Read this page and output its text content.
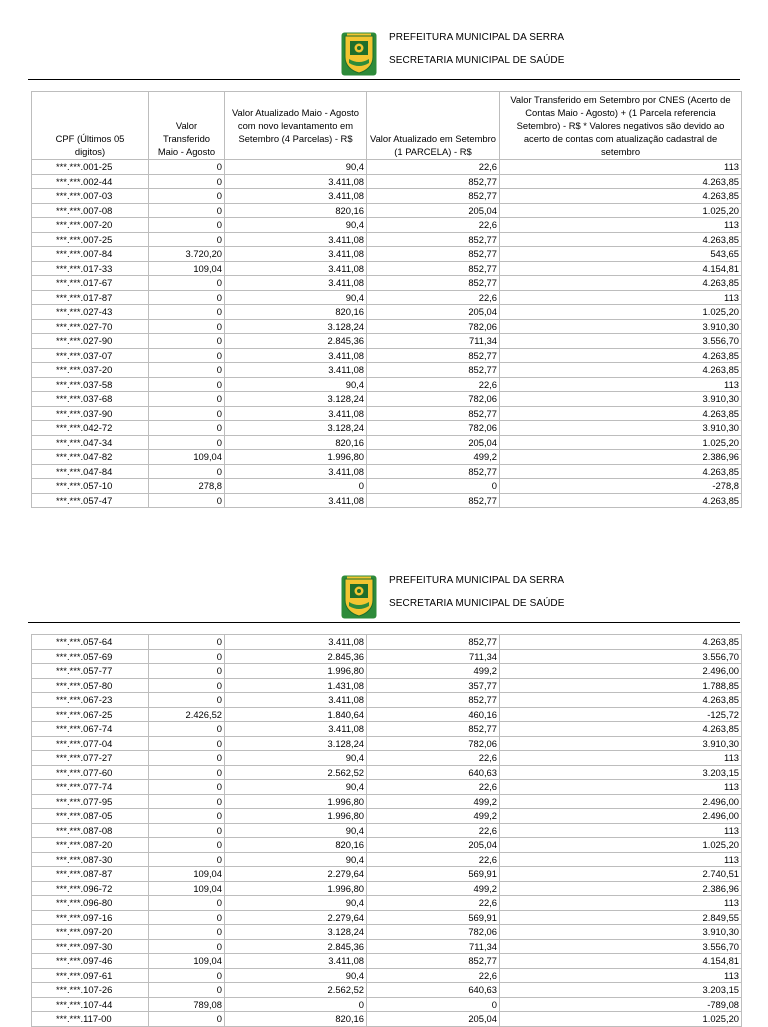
PREFEITURA MUNICIPAL DA SERRA
SECRETARIA MUNICIPAL DE SAÚDE
CPF (Últimos 05 digitos)	Valor Transferido Maio - Agosto	Valor Atualizado Maio - Agosto com novo levantamento em Setembro (4 Parcelas) - R$	Valor Atualizado em Setembro (1 PARCELA) - R$	Valor Transferido em Setembro por CNES (Acerto de Contas Maio - Agosto) + (1 Parcela referencia Setembro) - R$ * Valores negativos são devido ao acerto de contas com atualização cadastral de setembro
***.***.001-25	0	90,4	22,6	113
***.***.002-44	0	3.411,08	852,77	4.263,85
***.***.007-03	0	3.411,08	852,77	4.263,85
***.***.007-08	0	820,16	205,04	1.025,20
***.***.007-20	0	90,4	22,6	113
***.***.007-25	0	3.411,08	852,77	4.263,85
***.***.007-84	3.720,20	3.411,08	852,77	543,65
***.***.017-33	109,04	3.411,08	852,77	4.154,81
***.***.017-67	0	3.411,08	852,77	4.263,85
***.***.017-87	0	90,4	22,6	113
***.***.027-43	0	820,16	205,04	1.025,20
***.***.027-70	0	3.128,24	782,06	3.910,30
***.***.027-90	0	2.845,36	711,34	3.556,70
***.***.037-07	0	3.411,08	852,77	4.263,85
***.***.037-20	0	3.411,08	852,77	4.263,85
***.***.037-58	0	90,4	22,6	113
***.***.037-68	0	3.128,24	782,06	3.910,30
***.***.037-90	0	3.411,08	852,77	4.263,85
***.***.042-72	0	3.128,24	782,06	3.910,30
***.***.047-34	0	820,16	205,04	1.025,20
***.***.047-82	109,04	1.996,80	499,2	2.386,96
***.***.047-84	0	3.411,08	852,77	4.263,85
***.***.057-10	278,8	0	0	-278,8
***.***.057-47	0	3.411,08	852,77	4.263,85
PREFEITURA MUNICIPAL DA SERRA
SECRETARIA MUNICIPAL DE SAÚDE
***.***.057-64	0	3.411,08	852,77	4.263,85
***.***.057-69	0	2.845,36	711,34	3.556,70
***.***.057-77	0	1.996,80	499,2	2.496,00
***.***.057-80	0	1.431,08	357,77	1.788,85
***.***.067-23	0	3.411,08	852,77	4.263,85
***.***.067-25	2.426,52	1.840,64	460,16	-125,72
***.***.067-74	0	3.411,08	852,77	4.263,85
***.***.077-04	0	3.128,24	782,06	3.910,30
***.***.077-27	0	90,4	22,6	113
***.***.077-60	0	2.562,52	640,63	3.203,15
***.***.077-74	0	90,4	22,6	113
***.***.077-95	0	1.996,80	499,2	2.496,00
***.***.087-05	0	1.996,80	499,2	2.496,00
***.***.087-08	0	90,4	22,6	113
***.***.087-20	0	820,16	205,04	1.025,20
***.***.087-30	0	90,4	22,6	113
***.***.087-87	109,04	2.279,64	569,91	2.740,51
***.***.096-72	109,04	1.996,80	499,2	2.386,96
***.***.096-80	0	90,4	22,6	113
***.***.097-16	0	2.279,64	569,91	2.849,55
***.***.097-20	0	3.128,24	782,06	3.910,30
***.***.097-30	0	2.845,36	711,34	3.556,70
***.***.097-46	109,04	3.411,08	852,77	4.154,81
***.***.097-61	0	90,4	22,6	113
***.***.107-26	0	2.562,52	640,63	3.203,15
***.***.107-44	789,08	0	0	-789,08
***.***.117-00	0	820,16	205,04	1.025,20
